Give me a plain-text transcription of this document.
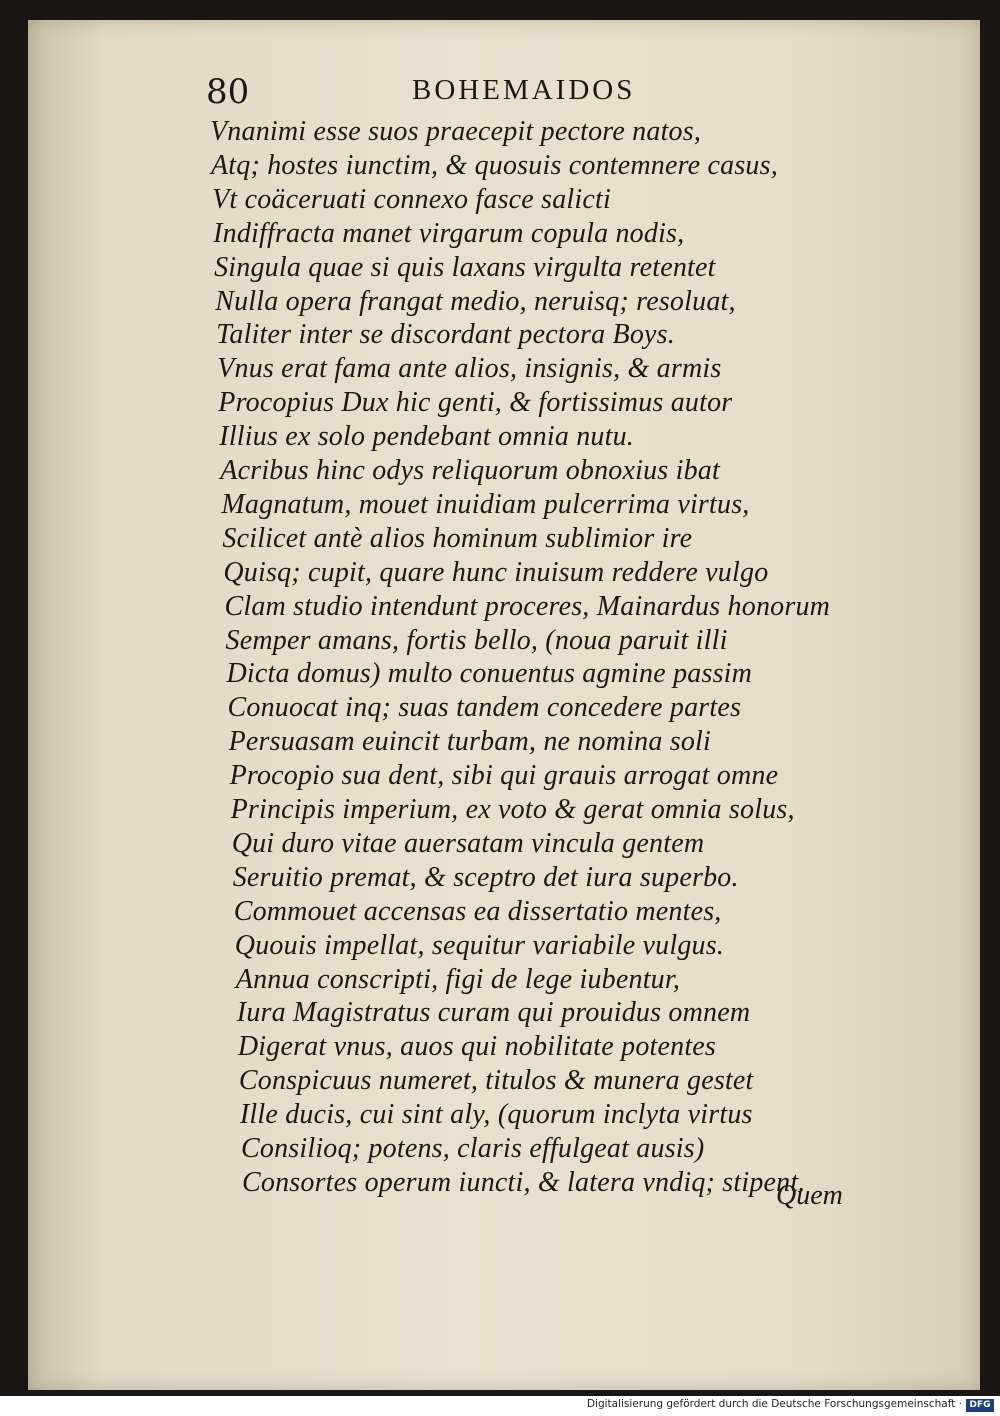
80	BOHEMAIDOS
Vnanimi esse suos praecepit pectore natos,
Atq; hostes iunctim, & quosuis contemnere casus,
Vt coäceruati connexo fasce salicti
Indiffracta manet virgarum copula nodis,
Singula quae si quis laxans virgulta retentet
Nulla opera frangat medio, neruisq; resoluat,
Taliter inter se discordant pectora Boys.
Vnus erat fama ante alios, insignis, & armis
Procopius Dux hic genti, & fortissimus autor
Illius ex solo pendebant omnia nutu.
Acribus hinc odys reliquorum obnoxius ibat
Magnatum, mouet inuidiam pulcerrima virtus,
Scilicet antè alios hominum sublimior ire
Quisq; cupit, quare hunc inuisum reddere vulgo
Clam studio intendunt proceres, Mainardus honorum
Semper amans, fortis bello, (noua paruit illi
Dicta domus) multo conuentus agmine passim
Conuocat inq; suas tandem concedere partes
Persuasam euincit turbam, ne nomina soli
Procopio sua dent, sibi qui grauis arrogat omne
Principis imperium, ex voto & gerat omnia solus,
Qui duro vitae auersatam vincula gentem
Seruitio premat, & sceptro det iura superbo.
Commouet accensas ea dissertatio mentes,
Quouis impellat, sequitur variabile vulgus.
Annua conscripti, figi de lege iubentur,
Iura Magistratus curam qui prouidus omnem
Digerat vnus, auos qui nobilitate potentes
Conspicuus numeret, titulos & munera gestet
Ille ducis, cui sint aly, (quorum inclyta virtus
Consilioq; potens, claris effulgeat ausis)
Consortes operum iuncti, & latera vndiq; stipent.
Quem
Digitalisierung gefördert durch die Deutsche Forschungsgemeinschaft · DFG
